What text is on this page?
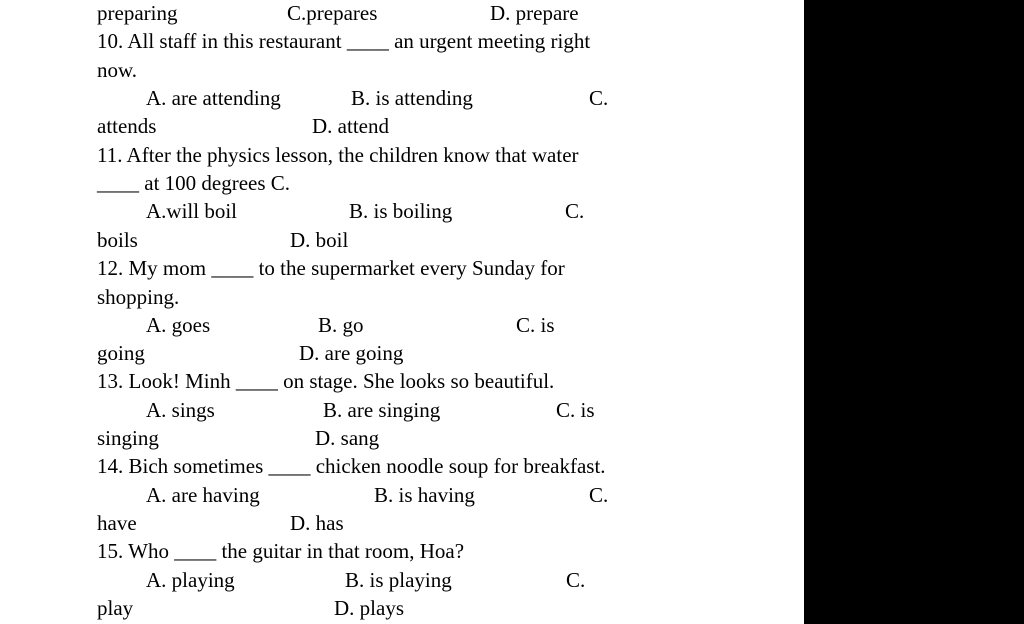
preparing	C.prepares	D. prepare
10. All staff in this restaurant ____ an urgent meeting right
now.
A. are attending	B. is attending	C.
attends	D. attend
11. After the physics lesson, the children know that water
____ at 100 degrees C.
A.will boil	B. is boiling	C.
boils	D. boil
12. My mom ____ to the supermarket every Sunday for
shopping.
A. goes	B. go	C. is
going	D. are going
13. Look! Minh ____ on stage. She looks so beautiful.
A. sings	B. are singing	C. is
singing	D. sang
14. Bich sometimes ____ chicken noodle soup for breakfast.
A. are having	B. is having	C.
have	D. has
15. Who ____ the guitar in that room, Hoa?
A. playing	B. is playing	C.
play	D. plays
